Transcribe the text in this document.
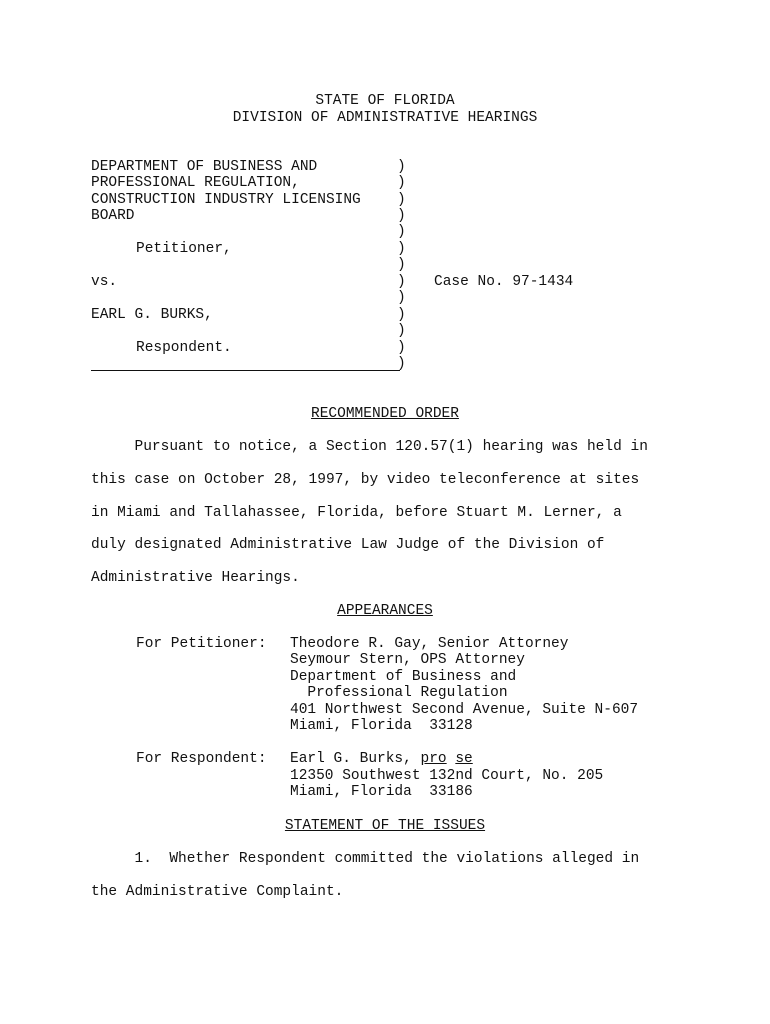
STATE OF FLORIDA
DIVISION OF ADMINISTRATIVE HEARINGS
DEPARTMENT OF BUSINESS AND
PROFESSIONAL REGULATION,
CONSTRUCTION INDUSTRY LICENSING
BOARD
Petitioner,
vs.	Case No. 97-1434
EARL G. BURKS,
Respondent.
)
)
)
)
)
)
)
)
)
)
)
)
)
RECOMMENDED ORDER
Pursuant to notice, a Section 120.57(1) hearing was held in
this case on October 28, 1997, by video teleconference at sites
in Miami and Tallahassee, Florida, before Stuart M. Lerner, a
duly designated Administrative Law Judge of the Division of
Administrative Hearings.
APPEARANCES
For Petitioner: Theodore R. Gay, Senior Attorney
Seymour Stern, OPS Attorney
Department of Business and
Professional Regulation
401 Northwest Second Avenue, Suite N-607
Miami, Florida  33128
For Respondent: Earl G. Burks, pro se
12350 Southwest 132nd Court, No. 205
Miami, Florida  33186
STATEMENT OF THE ISSUES
1.  Whether Respondent committed the violations alleged in
the Administrative Complaint.
